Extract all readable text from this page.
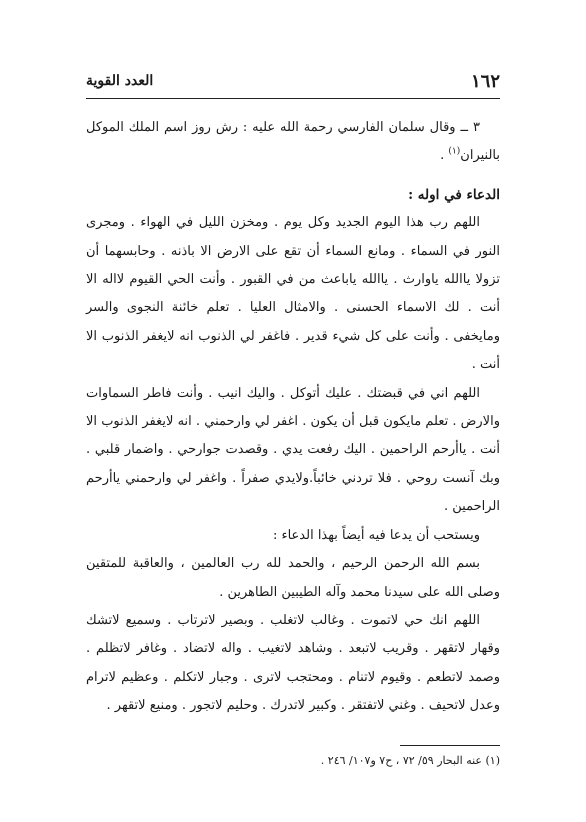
١٦٢
العدد القوية

٣ ــ وقال سلمان الفارسي رحمة الله عليه : رش روز اسم الملك الموكل بالنيران$^{(١)}$ .

الدعاء في اوله :

اللهم رب هذا اليوم الجديد وكل يوم . ومخزن الليل في الهواء . ومجرى النور في السماء . ومانع السماء أن تقع على الارض الا باذنه . وحابسهما أن تزولا ياالله ياوارث . ياالله ياباعث من في القبور . وأنت الحي القيوم لااله الا أنت . لك الاسماء الحسنى . والامثال العليا . تعلم خائنة النجوى والسر ومايخفى . وأنت على كل شيء قدير . فاغفر لي الذنوب انه لايغفر الذنوب الا أنت .

اللهم اني في قبضتك . عليك أتوكل . واليك انيب . وأنت فاطر السماوات والارض . تعلم مايكون قبل أن يكون . اغفر لي وارحمني . انه لايغفر الذنوب الا أنت . ياأرحم الراحمين . اليك رفعت يدي . وقصدت جوارحي . واضمار قلبي . وبك آنست روحي . فلا تردني خائباً.ولايدي صفراً . واغفر لي وارحمني ياأرحم الراحمين .

ويستحب أن يدعا فيه أيضاً بهذا الدعاء :

بسم الله الرحمن الرحيم ، والحمد لله رب العالمين ، والعاقبة للمتقين وصلى الله على سيدنا محمد وآله الطيبين الطاهرين .

اللهم انك حي لاتموت . وغالب لاتغلب . وبصير لاترتاب . وسميع لاتشك وقهار لاتقهر . وقريب لاتبعد . وشاهد لاتغيب . واله لاتضاد . وغافر لاتظلم . وصمد لاتطعم . وقيوم لاتنام . ومحتجب لاترى . وجبار لاتكلم . وعظيم لاترام وعدل لاتحيف . وغني لاتفتقر . وكبير لاتدرك . وحليم لاتجور . ومنيع لاتقهر .

(١) عنه البحار ٥٩/ ٧٢ ، ح٧ و١٠٧/ ٢٤٦ .
